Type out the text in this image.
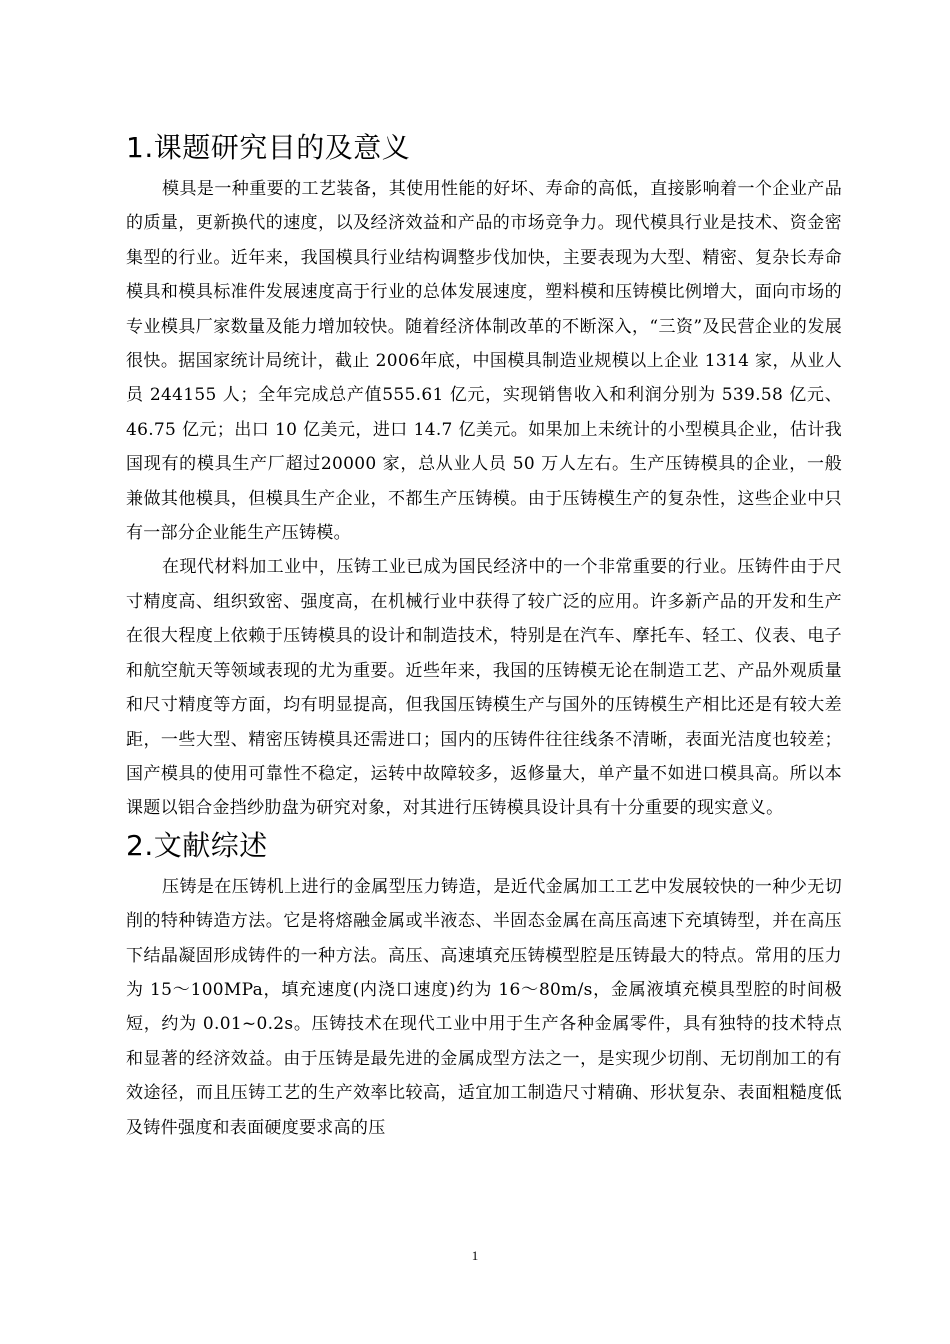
1.课题研究目的及意义

模具是一种重要的工艺装备，其使用性能的好坏、寿命的高低，直接影响着一个企业产品的质量，更新换代的速度，以及经济效益和产品的市场竞争力。现代模具行业是技术、资金密集型的行业。近年来，我国模具行业结构调整步伐加快，主要表现为大型、精密、复杂长寿命模具和模具标准件发展速度高于行业的总体发展速度，塑料模和压铸模比例增大，面向市场的专业模具厂家数量及能力增加较快。随着经济体制改革的不断深入，“三资”及民营企业的发展很快。据国家统计局统计，截止 2006年底，中国模具制造业规模以上企业 1314 家，从业人员 244155 人；全年完成总产值555.61 亿元，实现销售收入和利润分别为 539.58 亿元、46.75 亿元；出口 10 亿美元，进口 14.7 亿美元。如果加上未统计的小型模具企业，估计我国现有的模具生产厂超过20000 家，总从业人员 50 万人左右。生产压铸模具的企业，一般兼做其他模具，但模具生产企业，不都生产压铸模。由于压铸模生产的复杂性，这些企业中只有一部分企业能生产压铸模。

在现代材料加工业中，压铸工业已成为国民经济中的一个非常重要的行业。压铸件由于尺寸精度高、组织致密、强度高，在机械行业中获得了较广泛的应用。许多新产品的开发和生产在很大程度上依赖于压铸模具的设计和制造技术，特别是在汽车、摩托车、轻工、仪表、电子和航空航天等领域表现的尤为重要。近些年来，我国的压铸模无论在制造工艺、产品外观质量和尺寸精度等方面，均有明显提高，但我国压铸模生产与国外的压铸模生产相比还是有较大差距，一些大型、精密压铸模具还需进口；国内的压铸件往往线条不清晰，表面光洁度也较差；国产模具的使用可靠性不稳定，运转中故障较多，返修量大，单产量不如进口模具高。所以本课题以铝合金挡纱肋盘为研究对象，对其进行压铸模具设计具有十分重要的现实意义。

2.文献综述

压铸是在压铸机上进行的金属型压力铸造，是近代金属加工工艺中发展较快的一种少无切削的特种铸造方法。它是将熔融金属或半液态、半固态金属在高压高速下充填铸型，并在高压下结晶凝固形成铸件的一种方法。高压、高速填充压铸模型腔是压铸最大的特点。常用的压力为 15～100MPa，填充速度(内浇口速度)约为 16～80m/s，金属液填充模具型腔的时间极短，约为 0.01~0.2s。压铸技术在现代工业中用于生产各种金属零件，具有独特的技术特点和显著的经济效益。由于压铸是最先进的金属成型方法之一，是实现少切削、无切削加工的有效途径，而且压铸工艺的生产效率比较高，适宜加工制造尺寸精确、形状复杂、表面粗糙度低及铸件强度和表面硬度要求高的压

1
